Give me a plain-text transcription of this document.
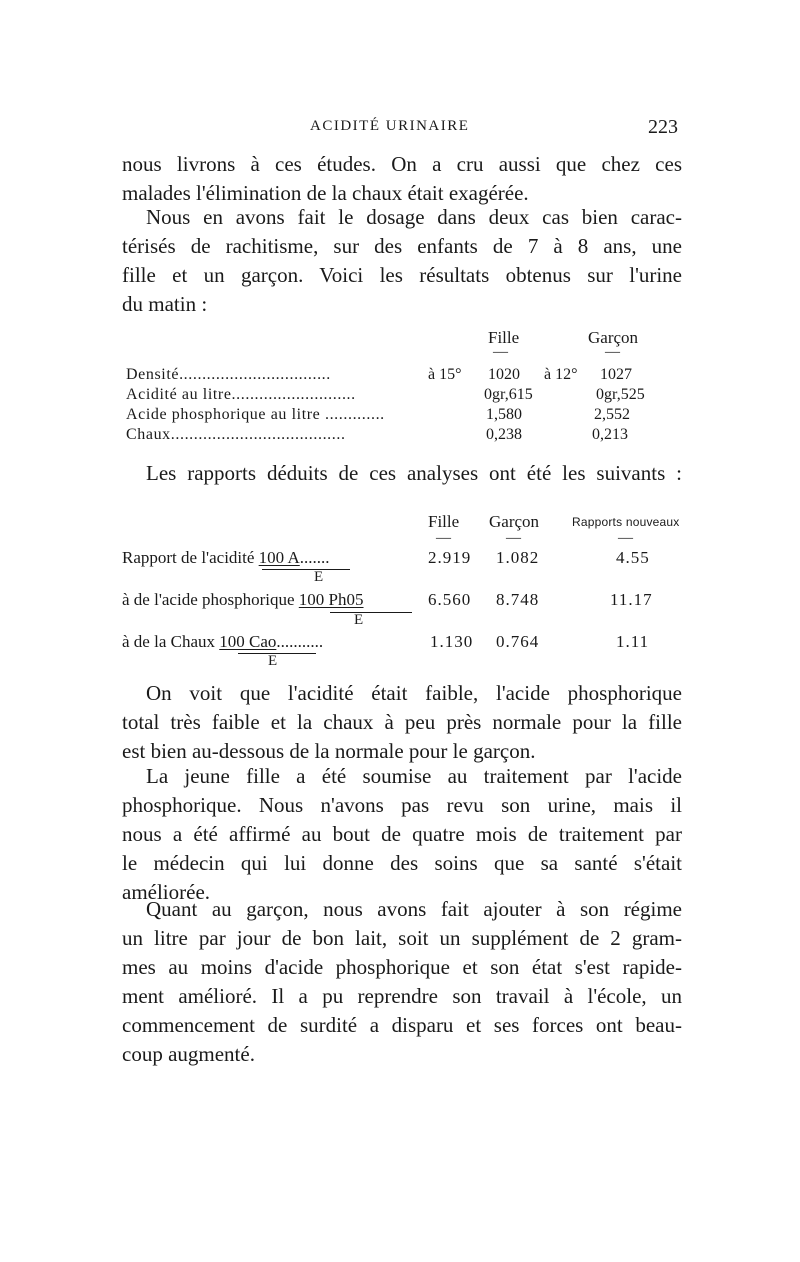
ACIDITÉ URINAIRE	223
nous livrons à ces études. On a cru aussi que chez ces
malades l'élimination de la chaux était exagérée.
Nous en avons fait le dosage dans deux cas bien carac-
térisés de rachitisme, sur des enfants de 7 à 8 ans, une
fille et un garçon. Voici les résultats obtenus sur l'urine
du matin :
Fille	Garçon
—	—
Densité.................................	à 15° 1020 à 12° 1027
Acidité au litre...........................	0gr,615	0gr,525
Acide phosphorique au litre .............	1,580	2,552
Chaux......................................	0,238	0,213
Les rapports déduits de ces analyses ont été les suivants :
Fille Garçon	Rapports nouveaux
—	—	—
Rapport de l'acidité 100 A.......	2.919 1.082	4.55
E
à de l'acide phosphorique 100 Ph05	6.560 8.748	11.17
E
à de la Chaux 100 Cao...........	1.130 0.764	1.11
E
On voit que l'acidité était faible, l'acide phosphorique
total très faible et la chaux à peu près normale pour la fille
est bien au-dessous de la normale pour le garçon.
La jeune fille a été soumise au traitement par l'acide
phosphorique. Nous n'avons pas revu son urine, mais il
nous a été affirmé au bout de quatre mois de traitement par
le médecin qui lui donne des soins que sa santé s'était
améliorée.
Quant au garçon, nous avons fait ajouter à son régime
un litre par jour de bon lait, soit un supplément de 2 gram-
mes au moins d'acide phosphorique et son état s'est rapide-
ment amélioré. Il a pu reprendre son travail à l'école, un
commencement de surdité a disparu et ses forces ont beau-
coup augmenté.
